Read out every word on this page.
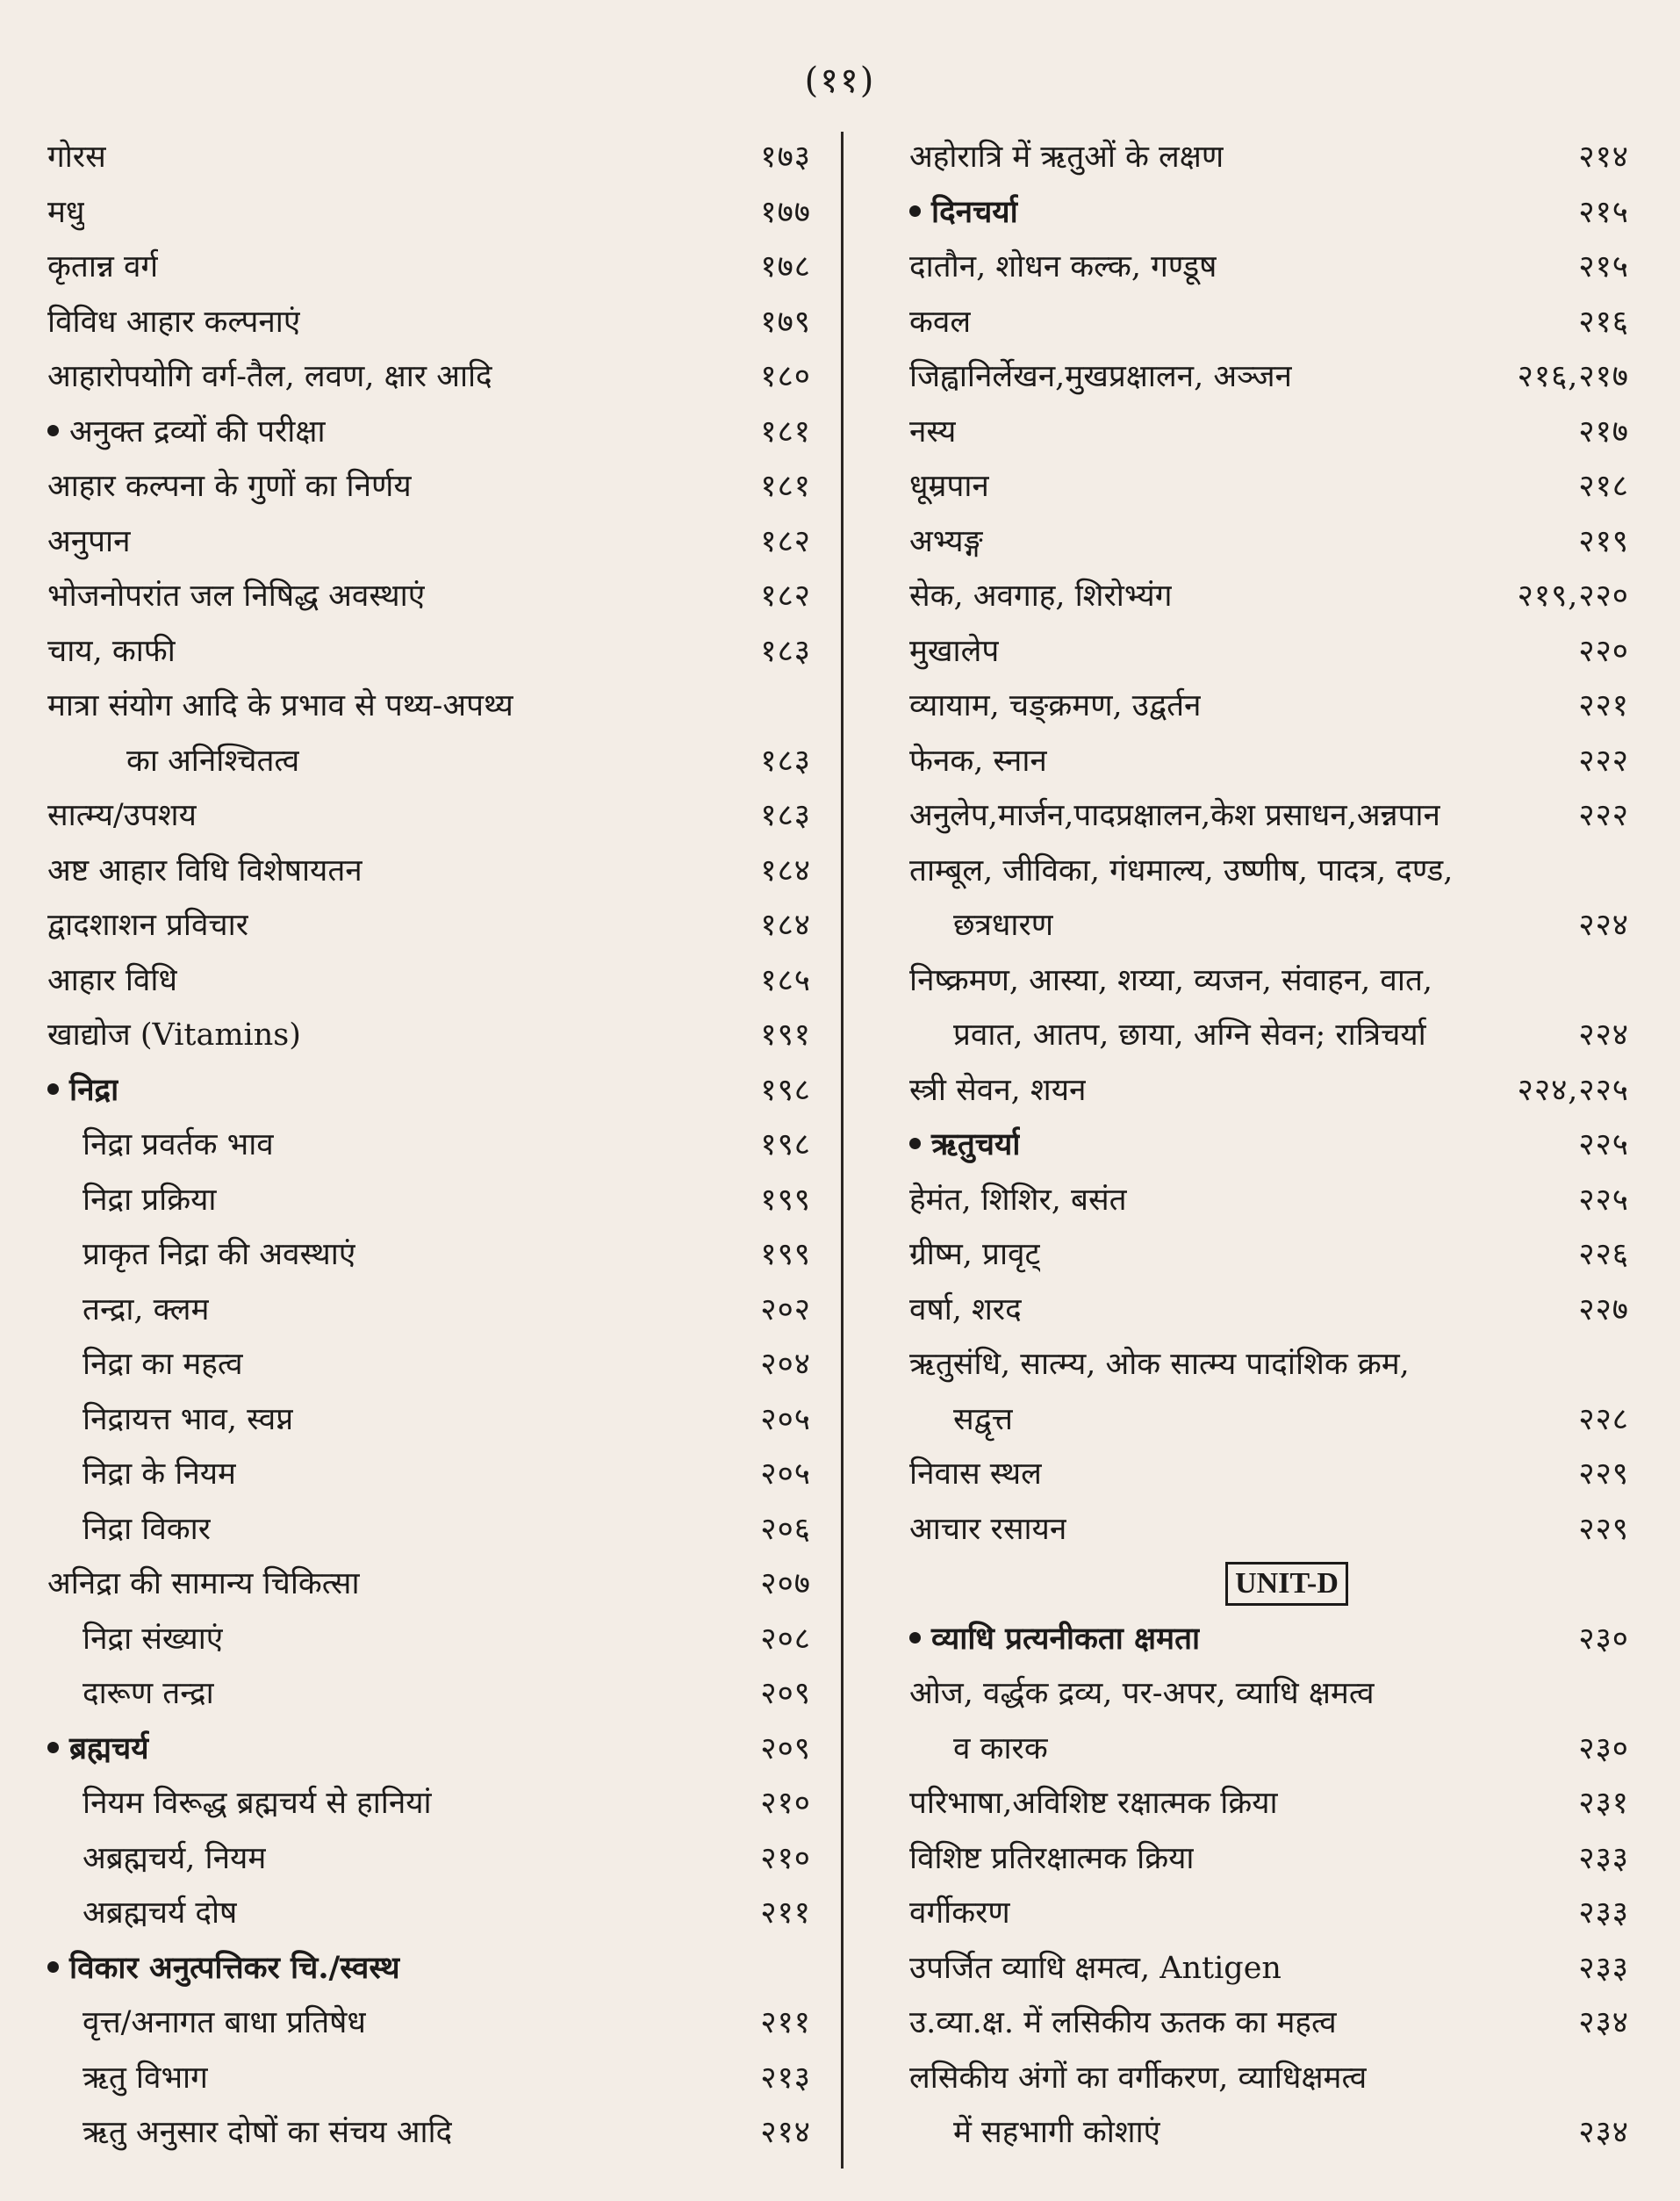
(११)
गोरस	१७३
मधु	१७७
कृतान्न वर्ग	१७८
विविध आहार कल्पनाएं	१७९
आहारोपयोगि वर्ग-तैल, लवण, क्षार आदि	१८०
अनुक्त द्रव्यों की परीक्षा	१८१
आहार कल्पना के गुणों का निर्णय	१८१
अनुपान	१८२
भोजनोपरांत जल निषिद्ध अवस्थाएं	१८२
चाय, काफी	१८३
मात्रा संयोग आदि के प्रभाव से पथ्य-अपथ्य
का अनिश्चितत्व	१८३
सात्म्य/उपशय	१८३
अष्ट आहार विधि विशेषायतन	१८४
द्वादशाशन प्रविचार	१८४
आहार विधि	१८५
खाद्योज (Vitamins)	१९१
निद्रा	१९८
निद्रा प्रवर्तक भाव	१९८
निद्रा प्रक्रिया	१९९
प्राकृत निद्रा की अवस्थाएं	१९९
तन्द्रा, क्लम	२०२
निद्रा का महत्व	२०४
निद्रायत्त भाव, स्वप्न	२०५
निद्रा के नियम	२०५
निद्रा विकार	२०६
अनिद्रा की सामान्य चिकित्सा	२०७
निद्रा संख्याएं	२०८
दारूण तन्द्रा	२०९
ब्रह्मचर्य	२०९
नियम विरूद्ध ब्रह्मचर्य से हानियां	२१०
अब्रह्मचर्य, नियम	२१०
अब्रह्मचर्य दोष	२११
विकार अनुत्पत्तिकर चि./स्वस्थ
वृत्त/अनागत बाधा प्रतिषेध	२११
ऋतु विभाग	२१३
ऋतु अनुसार दोषों का संचय आदि	२१४
अहोरात्रि में ऋतुओं के लक्षण	२१४
दिनचर्या	२१५
दातौन, शोधन कल्क, गण्डूष	२१५
कवल	२१६
जिह्वानिर्लेखन,मुखप्रक्षालन, अञ्जन	२१६,२१७
नस्य	२१७
धूम्रपान	२१८
अभ्यङ्ग	२१९
सेक, अवगाह, शिरोभ्यंग	२१९,२२०
मुखालेप	२२०
व्यायाम, चङ्क्रमण, उद्वर्तन	२२१
फेनक, स्नान	२२२
अनुलेप,मार्जन,पादप्रक्षालन,केश प्रसाधन,अन्नपान	२२२
ताम्बूल, जीविका, गंधमाल्य, उष्णीष, पादत्र, दण्ड,
छत्रधारण	२२४
निष्क्रमण, आस्या, शय्या, व्यजन, संवाहन, वात,
प्रवात, आतप, छाया, अग्नि सेवन; रात्रिचर्या	२२४
स्त्री सेवन, शयन	२२४,२२५
ऋतुचर्या	२२५
हेमंत, शिशिर, बसंत	२२५
ग्रीष्म, प्रावृट्	२२६
वर्षा, शरद	२२७
ऋतुसंधि, सात्म्य, ओक सात्म्य पादांशिक क्रम,
सद्वृत्त	२२८
निवास स्थल	२२९
आचार रसायन	२२९
UNIT-D
व्याधि प्रत्यनीकता क्षमता	२३०
ओज, वर्द्धक द्रव्य, पर-अपर, व्याधि क्षमत्व
व कारक	२३०
परिभाषा,अविशिष्ट रक्षात्मक क्रिया	२३१
विशिष्ट प्रतिरक्षात्मक क्रिया	२३३
वर्गीकरण	२३३
उपर्जित व्याधि क्षमत्व, Antigen	२३३
उ.व्या.क्ष. में लसिकीय ऊतक का महत्व	२३४
लसिकीय अंगों का वर्गीकरण, व्याधिक्षमत्व
में सहभागी कोशाएं	२३४
